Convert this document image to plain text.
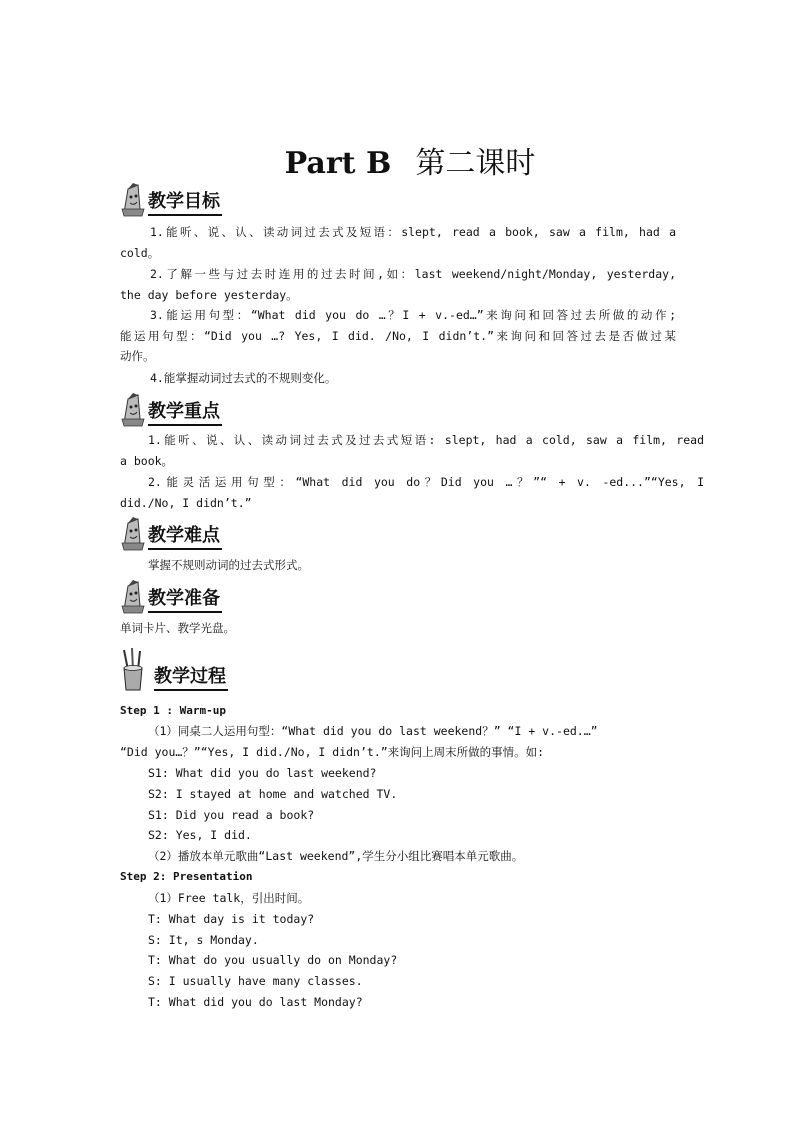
Part B 第二课时
教学目标
1.能听、说、认、读动词过去式及短语：slept, read a book, saw a film, had a
cold。
2.了解一些与过去时连用的过去时间,如：last weekend/night/Monday, yesterday,
the day before yesterday。
3.能运用句型：“What did you do …？I + v.-ed…”来询问和回答过去所做的动作;
能运用句型：“Did you …? Yes, I did. /No, I didn’t.”来询问和回答过去是否做过某
动作。
4.能掌握动词过去式的不规则变化。
教学重点
1.能听、说、认、读动词过去式及过去式短语: slept, had a cold, saw a film, read
a book。
2.能灵活运用句型：“What did you do？Did you …？”“ + v. -ed...”“Yes, I
did./No, I didn’t.”
教学难点
掌握不规则动词的过去式形式。
教学准备
单词卡片、教学光盘。
教学过程
Step 1 : Warm-up
（1）同桌二人运用句型：“What did you do last weekend？” “I + v.-ed.…”
“Did you…？”“Yes, I did./No, I didn’t.”来询问上周末所做的事情。如:
S1: What did you do last weekend?
S2: I stayed at home and watched TV.
S1: Did you read a book?
S2: Yes, I did.
（2）播放本单元歌曲“Last weekend”,学生分小组比赛唱本单元歌曲。
Step 2: Presentation
（1）Free talk，引出时间。
T: What day is it today?
S: It, s Monday.
T: What do you usually do on Monday?
S: I usually have many classes.
T: What did you do last Monday?
